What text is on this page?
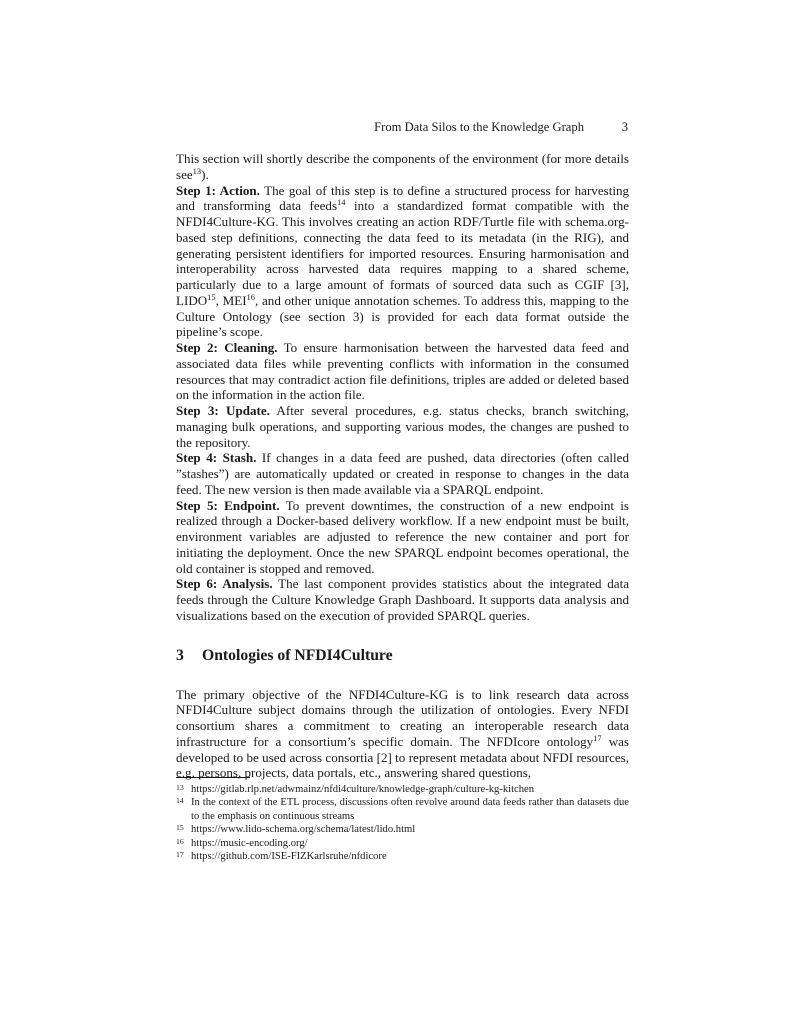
From Data Silos to the Knowledge Graph	3

This section will shortly describe the components of the environment (for more details see$^{13}$).

Step 1: Action. The goal of this step is to define a structured process for harvesting and transforming data feeds$^{14}$ into a standardized format compatible with the NFDI4Culture-KG. This involves creating an action RDF/Turtle file with schema.org-based step definitions, connecting the data feed to its metadata (in the RIG), and generating persistent identifiers for imported resources. Ensuring harmonisation and interoperability across harvested data requires mapping to a shared scheme, particularly due to a large amount of formats of sourced data such as CGIF [3], LIDO$^{15}$, MEI$^{16}$, and other unique annotation schemes. To address this, mapping to the Culture Ontology (see section 3) is provided for each data format outside the pipeline’s scope.

Step 2: Cleaning. To ensure harmonisation between the harvested data feed and associated data files while preventing conflicts with information in the consumed resources that may contradict action file definitions, triples are added or deleted based on the information in the action file.

Step 3: Update. After several procedures, e.g. status checks, branch switching, managing bulk operations, and supporting various modes, the changes are pushed to the repository.

Step 4: Stash. If changes in a data feed are pushed, data directories (often called ”stashes”) are automatically updated or created in response to changes in the data feed. The new version is then made available via a SPARQL endpoint.

Step 5: Endpoint. To prevent downtimes, the construction of a new endpoint is realized through a Docker-based delivery workflow. If a new endpoint must be built, environment variables are adjusted to reference the new container and port for initiating the deployment. Once the new SPARQL endpoint becomes operational, the old container is stopped and removed.

Step 6: Analysis. The last component provides statistics about the integrated data feeds through the Culture Knowledge Graph Dashboard. It supports data analysis and visualizations based on the execution of provided SPARQL queries.

3 Ontologies of NFDI4Culture

The primary objective of the NFDI4Culture-KG is to link research data across NFDI4Culture subject domains through the utilization of ontologies. Every NFDI consortium shares a commitment to creating an interoperable research data infrastructure for a consortium’s specific domain. The NFDIcore ontology$^{17}$ was developed to be used across consortia [2] to represent metadata about NFDI resources, e.g. persons, projects, data portals, etc., answering shared questions,

13 https://gitlab.rlp.net/adwmainz/nfdi4culture/knowledge-graph/culture-kg-kitchen
14 In the context of the ETL process, discussions often revolve around data feeds rather than datasets due to the emphasis on continuous streams
15 https://www.lido-schema.org/schema/latest/lido.html
16 https://music-encoding.org/
17 https://github.com/ISE-FIZKarlsruhe/nfdicore
